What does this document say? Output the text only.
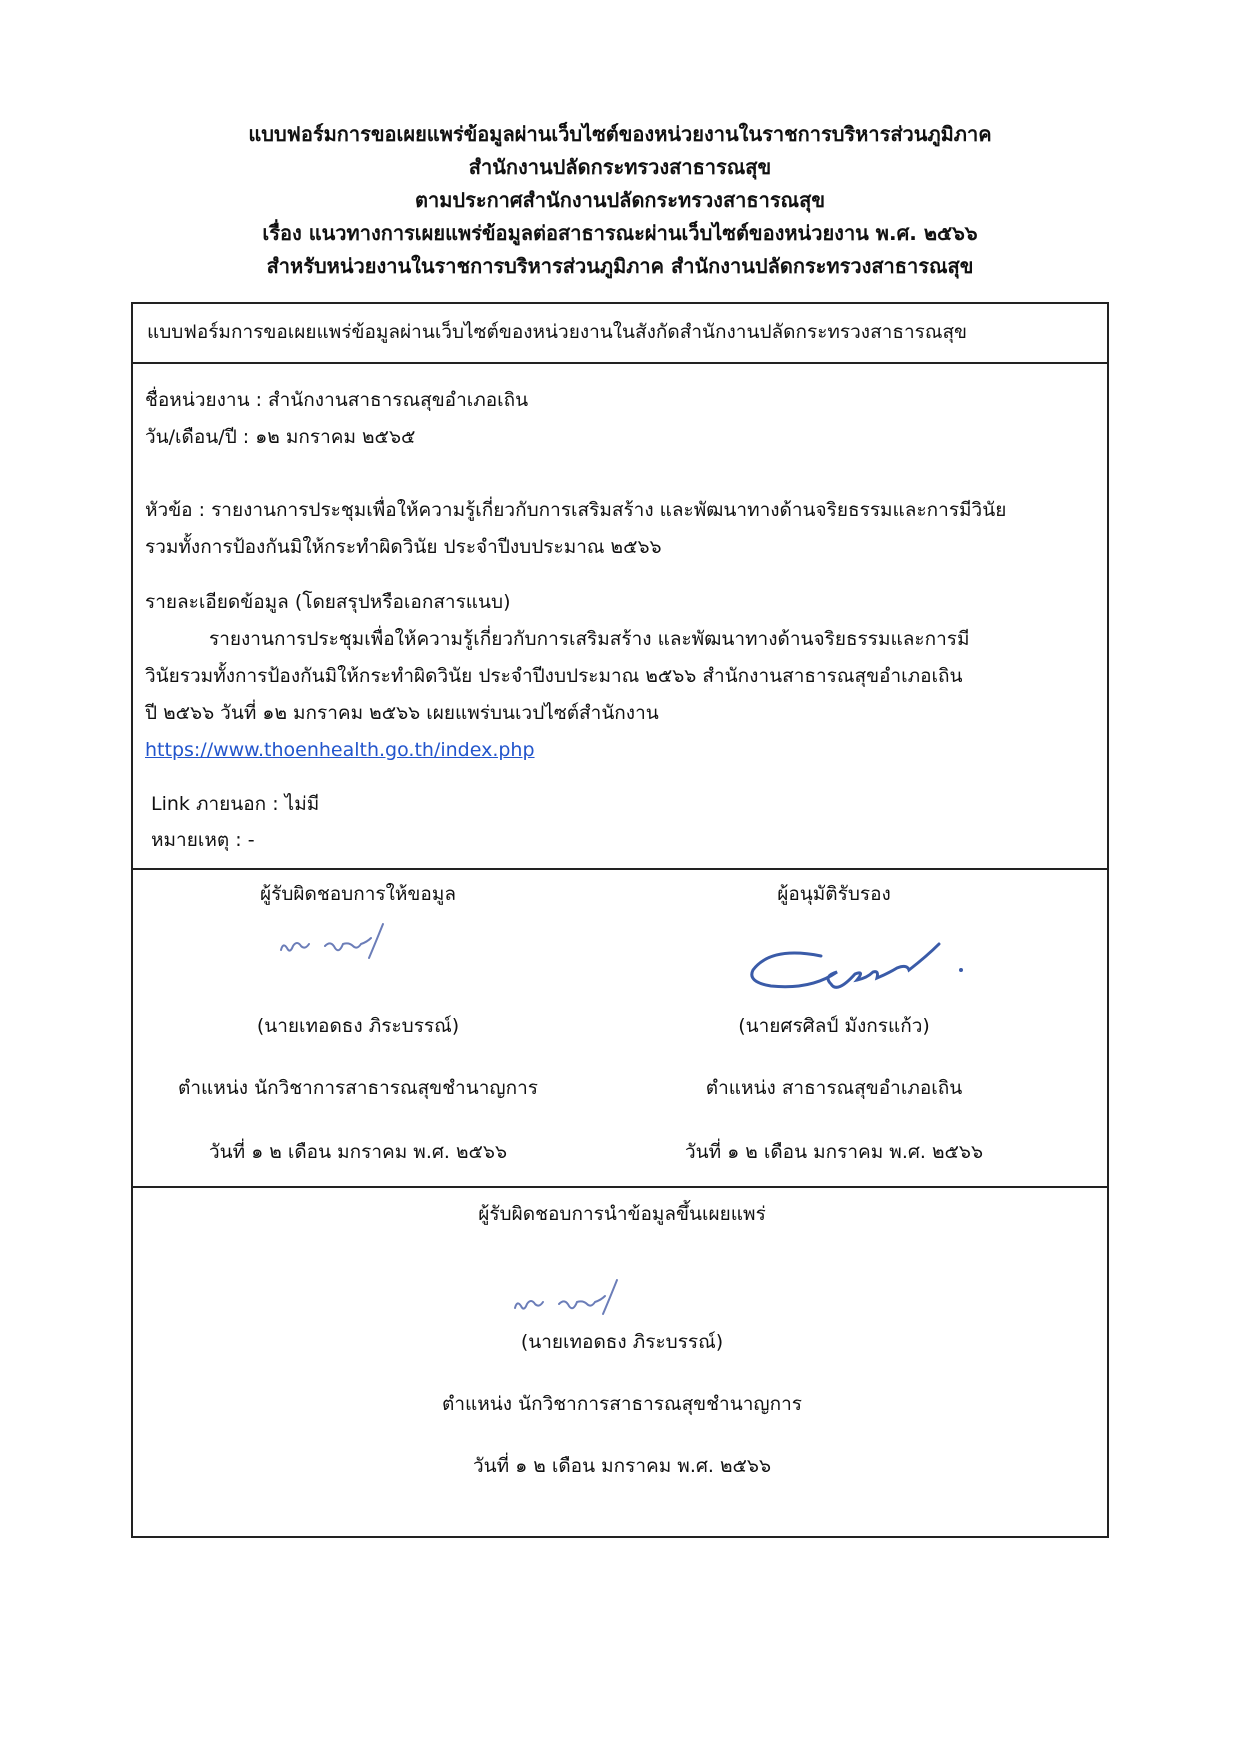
แบบฟอร์มการขอเผยแพร่ข้อมูลผ่านเว็บไซต์ของหน่วยงานในราชการบริหารส่วนภูมิภาค
สำนักงานปลัดกระทรวงสาธารณสุข
ตามประกาศสำนักงานปลัดกระทรวงสาธารณสุข
เรื่อง แนวทางการเผยแพร่ข้อมูลต่อสาธารณะผ่านเว็บไซต์ของหน่วยงาน พ.ศ. ๒๕๖๖
สำหรับหน่วยงานในราชการบริหารส่วนภูมิภาค สำนักงานปลัดกระทรวงสาธารณสุข
แบบฟอร์มการขอเผยแพร่ข้อมูลผ่านเว็บไซต์ของหน่วยงานในสังกัดสำนักงานปลัดกระทรวงสาธารณสุข
ชื่อหน่วยงาน : สำนักงานสาธารณสุขอำเภอเถิน
วัน/เดือน/ปี : ๑๒ มกราคม ๒๕๖๕
หัวข้อ : รายงานการประชุมเพื่อให้ความรู้เกี่ยวกับการเสริมสร้าง และพัฒนาทางด้านจริยธรรมและการมีวินัย
รวมทั้งการป้องกันมิให้กระทำผิดวินัย ประจำปีงบประมาณ ๒๕๖๖
รายละเอียดข้อมูล (โดยสรุปหรือเอกสารแนบ)
รายงานการประชุมเพื่อให้ความรู้เกี่ยวกับการเสริมสร้าง และพัฒนาทางด้านจริยธรรมและการมี
วินัยรวมทั้งการป้องกันมิให้กระทำผิดวินัย ประจำปีงบประมาณ ๒๕๖๖ สำนักงานสาธารณสุขอำเภอเถิน
ปี ๒๕๖๖ วันที่ ๑๒ มกราคม ๒๕๖๖ เผยแพร่บนเวปไซต์สำนักงาน
https://www.thoenhealth.go.th/index.php
Link ภายนอก : ไม่มี
หมายเหตุ : -
ผู้รับผิดชอบการให้ขอมูล	ผู้อนุมัติรับรอง
(นายเทอดธง ภิระบรรณ์)	(นายศรศิลป์ มังกรแก้ว)
ตำแหน่ง นักวิชาการสาธารณสุขชำนาญการ	ตำแหน่ง สาธารณสุขอำเภอเถิน
วันที่ ๑ ๒ เดือน มกราคม พ.ศ. ๒๕๖๖	วันที่ ๑ ๒ เดือน มกราคม พ.ศ. ๒๕๖๖
ผู้รับผิดชอบการนำข้อมูลขึ้นเผยแพร่
(นายเทอดธง ภิระบรรณ์)
ตำแหน่ง นักวิชาการสาธารณสุขชำนาญการ
วันที่ ๑ ๒ เดือน มกราคม พ.ศ. ๒๕๖๖
